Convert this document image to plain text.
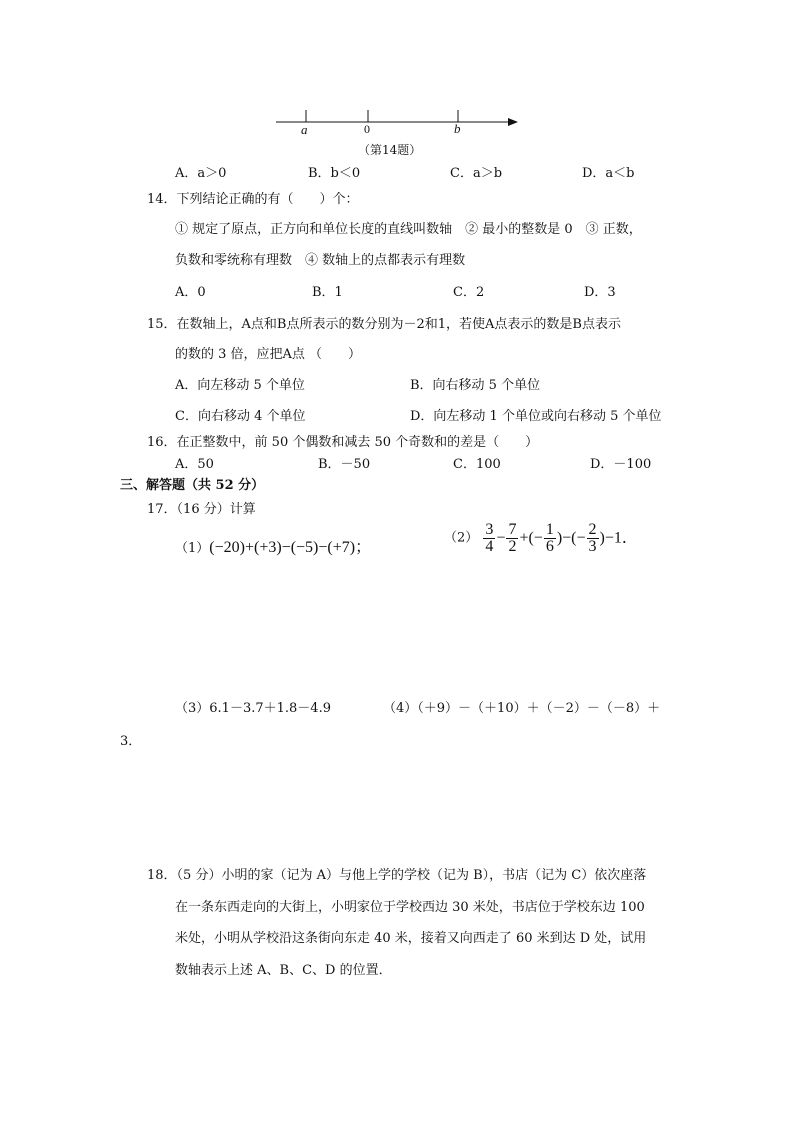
a	0	b
（第14题）
A．a＞0	B．b＜0	C．a＞b	D．a＜b
14．下列结论正确的有（　　）个：
① 规定了原点，正方向和单位长度的直线叫数轴　② 最小的整数是 0　③ 正数，
负数和零统称有理数　④ 数轴上的点都表示有理数
A．0	B．1	C．2	D．3
15．在数轴上，A点和B点所表示的数分别为－2和1，若使A点表示的数是B点表示
的数的 3 倍，应把A点 （　　）
A．向左移动 5 个单位	B．向右移动 5 个单位
C．向右移动 4 个单位	D．向左移动 1 个单位或向右移动 5 个单位
16．在正整数中，前 50 个偶数和减去 50 个奇数和的差是（　　）
A．50	B．－50	C．100	D．－100
三、解答题（共 52 分）
17．（16 分）计算
（1）(−20)+(+3)−(−5)−(+7)；
$(2) \frac{3}{4} - \frac{7}{2}$ +(− $\frac{1}{6}$ )−(− $\frac{2}{3} )-1$．
（3）6.1－3.7＋1.8－4.9	（4）（＋9）－（＋10）＋（－2）－（－8）＋
3．
18．（5 分）小明的家（记为 A）与他上学的学校（记为 B），书店（记为 C）依次座落
在一条东西走向的大街上，小明家位于学校西边 30 米处，书店位于学校东边 100
米处，小明从学校沿这条街向东走 40 米，接着又向西走了 60 米到达 D 处，试用
数轴表示上述 A、B、C、D 的位置．
